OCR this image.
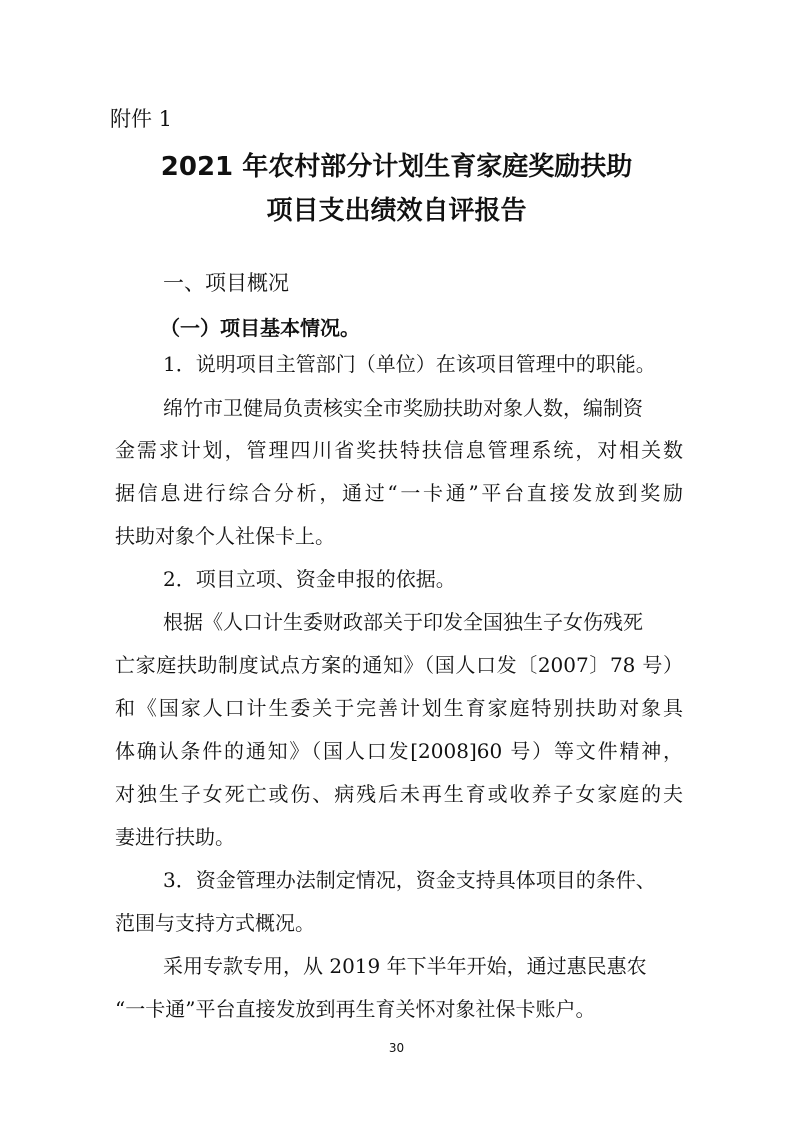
附件 1
2021 年农村部分计划生育家庭奖励扶助
项目支出绩效自评报告
一、项目概况
（一）项目基本情况。
1．说明项目主管部门（单位）在该项目管理中的职能。
绵竹市卫健局负责核实全市奖励扶助对象人数，编制资
金需求计划，管理四川省奖扶特扶信息管理系统，对相关数
据信息进行综合分析，通过“一卡通”平台直接发放到奖励
扶助对象个人社保卡上。
2．项目立项、资金申报的依据。
根据《人口计生委财政部关于印发全国独生子女伤残死
亡家庭扶助制度试点方案的通知》（国人口发〔2007〕78 号）
和《国家人口计生委关于完善计划生育家庭特别扶助对象具
体确认条件的通知》（国人口发[2008]60 号）等文件精神，
对独生子女死亡或伤、病残后未再生育或收养子女家庭的夫
妻进行扶助。
3．资金管理办法制定情况，资金支持具体项目的条件、
范围与支持方式概况。
采用专款专用，从 2019 年下半年开始，通过惠民惠农
“一卡通”平台直接发放到再生育关怀对象社保卡账户。
30
